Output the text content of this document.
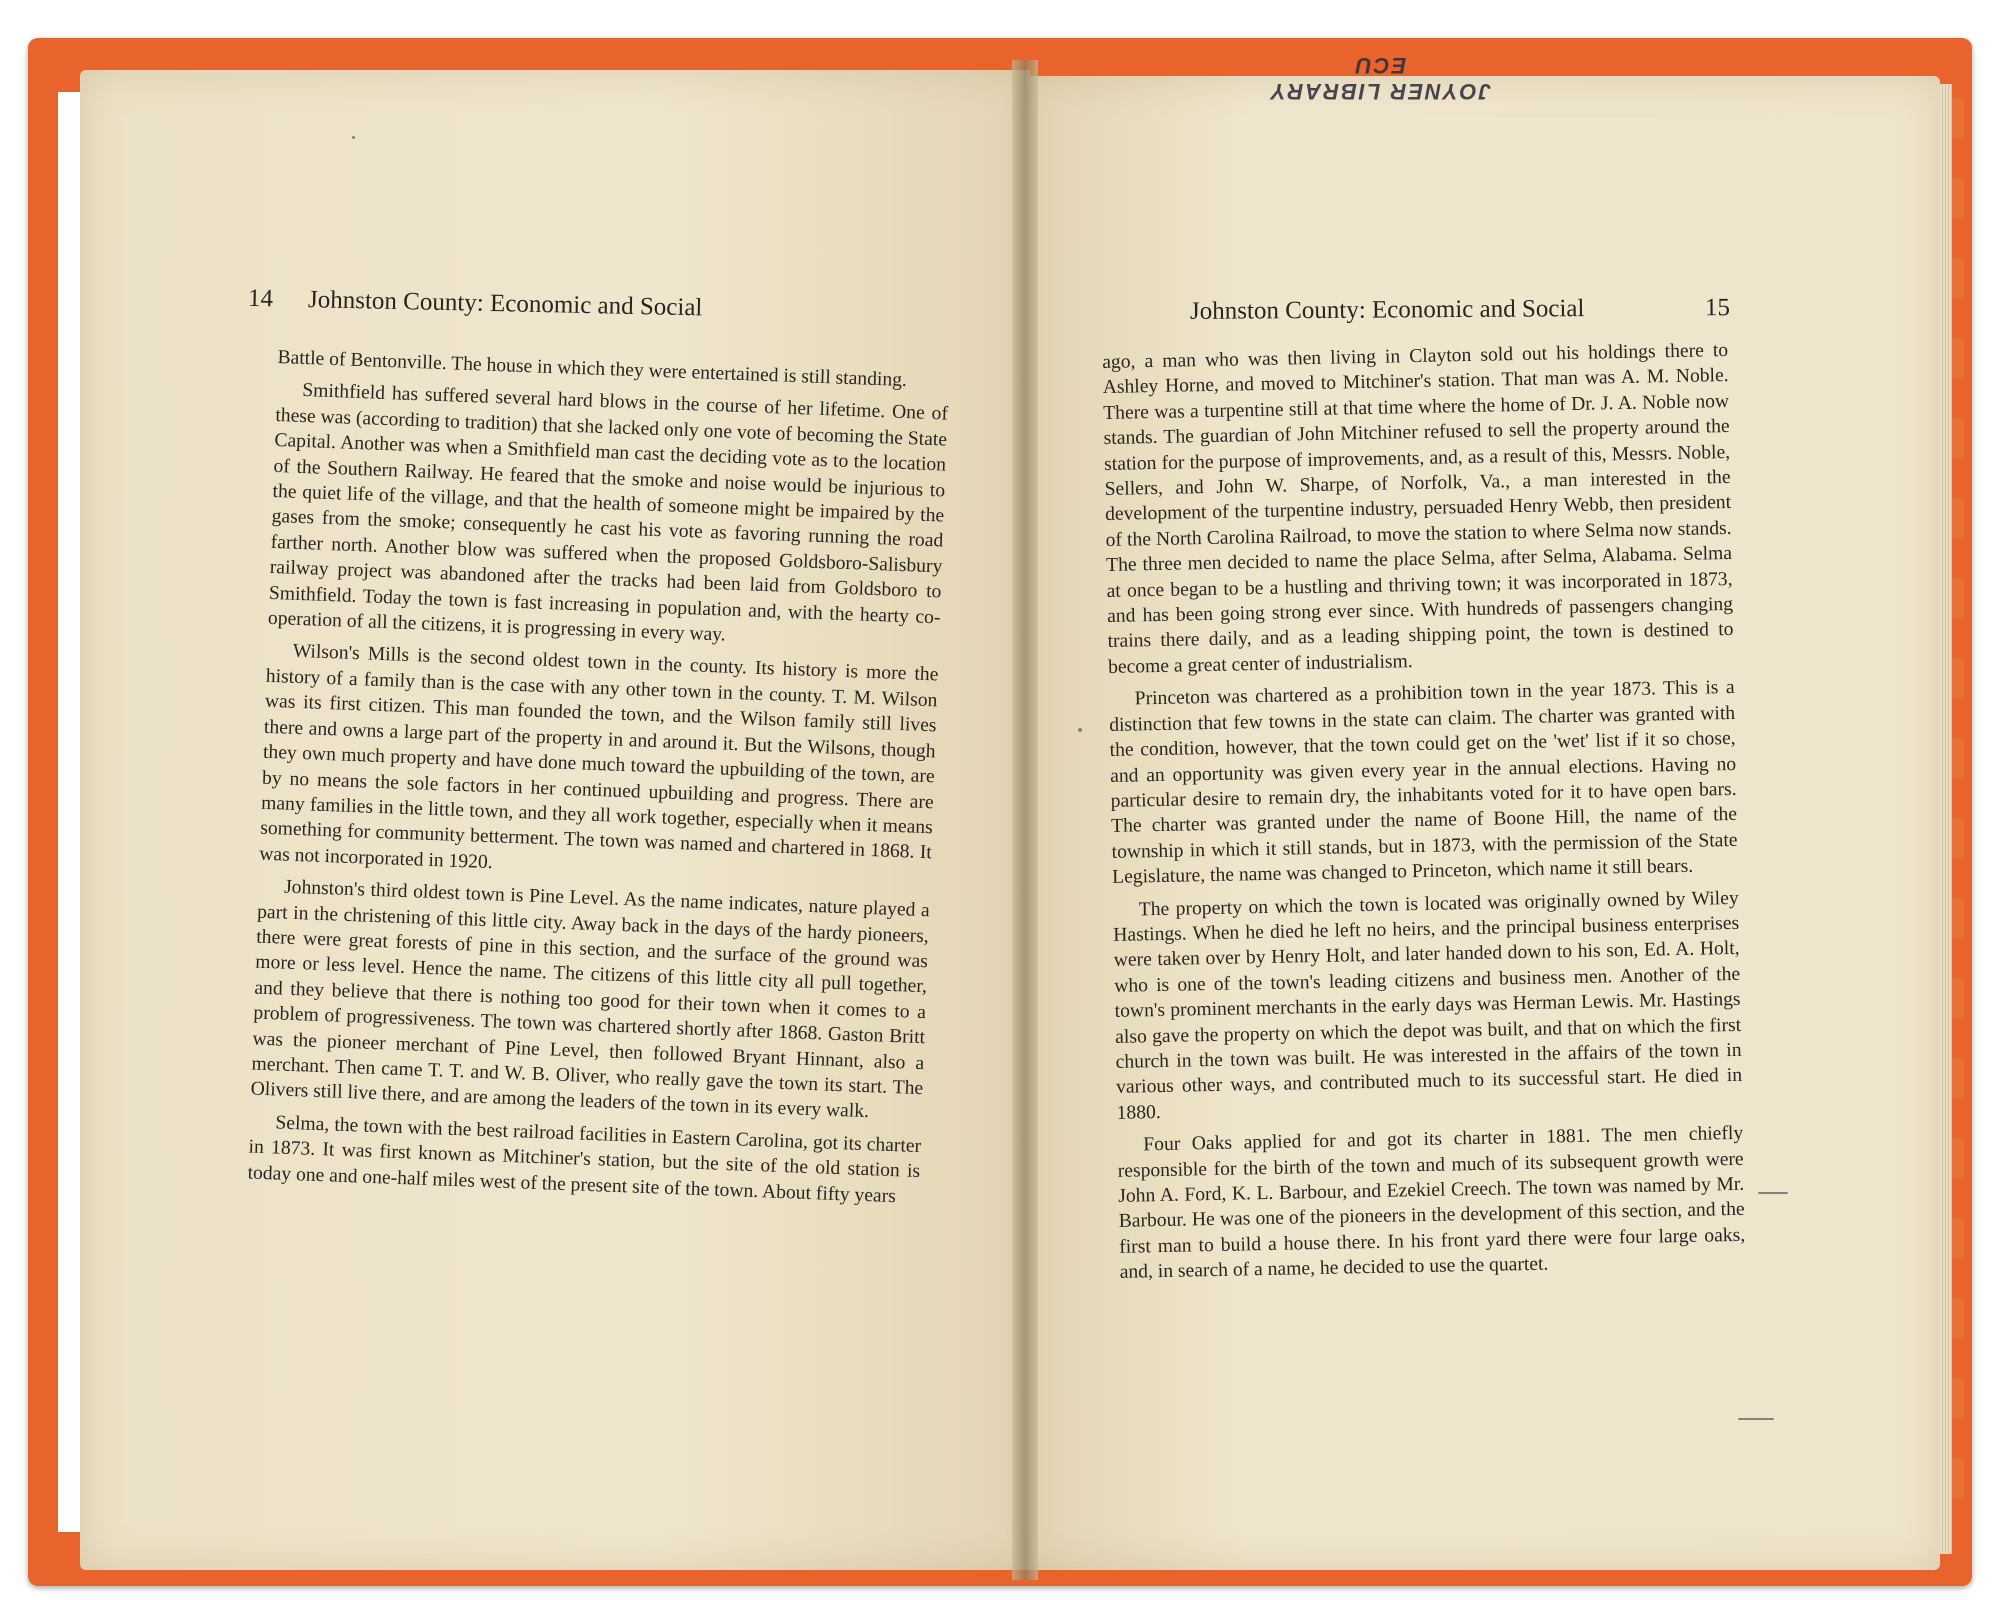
JOYNER LIBRARY ECU
14 Johnston County: Economic and Social	Johnston County: Economic and Social	15

Battle of Bentonville. The house in which they were entertained is still standing.

Smithfield has suffered several hard blows in the course of her lifetime. One of these was (according to tradition) that she lacked only one vote of becoming the State Capital. Another was when a Smithfield man cast the deciding vote as to the location of the Southern Railway. He feared that the smoke and noise would be injurious to the quiet life of the village, and that the health of someone might be impaired by the gases from the smoke; consequently he cast his vote as favoring running the road farther north. Another blow was suffered when the proposed Goldsboro-Salisbury railway project was abandoned after the tracks had been laid from Goldsboro to Smithfield. Today the town is fast increasing in population and, with the hearty co-operation of all the citizens, it is progressing in every way.

Wilson's Mills is the second oldest town in the county. Its history is more the history of a family than is the case with any other town in the county. T. M. Wilson was its first citizen. This man founded the town, and the Wilson family still lives there and owns a large part of the property in and around it. But the Wilsons, though they own much property and have done much toward the upbuilding of the town, are by no means the sole factors in her continued upbuilding and progress. There are many families in the little town, and they all work together, especially when it means something for community betterment. The town was named and chartered in 1868. It was not incorporated in 1920.

Johnston's third oldest town is Pine Level. As the name indicates, nature played a part in the christening of this little city. Away back in the days of the hardy pioneers, there were great forests of pine in this section, and the surface of the ground was more or less level. Hence the name. The citizens of this little city all pull together, and they believe that there is nothing too good for their town when it comes to a problem of progressiveness. The town was chartered shortly after 1868. Gaston Britt was the pioneer merchant of Pine Level, then followed Bryant Hinnant, also a merchant. Then came T. T. and W. B. Oliver, who really gave the town its start. The Olivers still live there, and are among the leaders of the town in its every walk.

Selma, the town with the best railroad facilities in Eastern Carolina, got its charter in 1873. It was first known as Mitchiner's station, but the site of the old station is today one and one-half miles west of the present site of the town. About fifty years

ago, a man who was then living in Clayton sold out his holdings there to Ashley Horne, and moved to Mitchiner's station. That man was A. M. Noble. There was a turpentine still at that time where the home of Dr. J. A. Noble now stands. The guardian of John Mitchiner refused to sell the property around the station for the purpose of improvements, and, as a result of this, Messrs. Noble, Sellers, and John W. Sharpe, of Norfolk, Va., a man interested in the development of the turpentine industry, persuaded Henry Webb, then president of the North Carolina Railroad, to move the station to where Selma now stands. The three men decided to name the place Selma, after Selma, Alabama. Selma at once began to be a hustling and thriving town; it was incorporated in 1873, and has been going strong ever since. With hundreds of passengers changing trains there daily, and as a leading shipping point, the town is destined to become a great center of industrialism.

Princeton was chartered as a prohibition town in the year 1873. This is a distinction that few towns in the state can claim. The charter was granted with the condition, however, that the town could get on the 'wet' list if it so chose, and an opportunity was given every year in the annual elections. Having no particular desire to remain dry, the inhabitants voted for it to have open bars. The charter was granted under the name of Boone Hill, the name of the township in which it still stands, but in 1873, with the permission of the State Legislature, the name was changed to Princeton, which name it still bears.

The property on which the town is located was originally owned by Wiley Hastings. When he died he left no heirs, and the principal business enterprises were taken over by Henry Holt, and later handed down to his son, Ed. A. Holt, who is one of the town's leading citizens and business men. Another of the town's prominent merchants in the early days was Herman Lewis. Mr. Hastings also gave the property on which the depot was built, and that on which the first church in the town was built. He was interested in the affairs of the town in various other ways, and contributed much to its successful start. He died in 1880.

Four Oaks applied for and got its charter in 1881. The men chiefly responsible for the birth of the town and much of its subsequent growth were John A. Ford, K. L. Barbour, and Ezekiel Creech. The town was named by Mr. Barbour. He was one of the pioneers in the development of this section, and the first man to build a house there. In his front yard there were four large oaks, and, in search of a name, he decided to use the quartet.
